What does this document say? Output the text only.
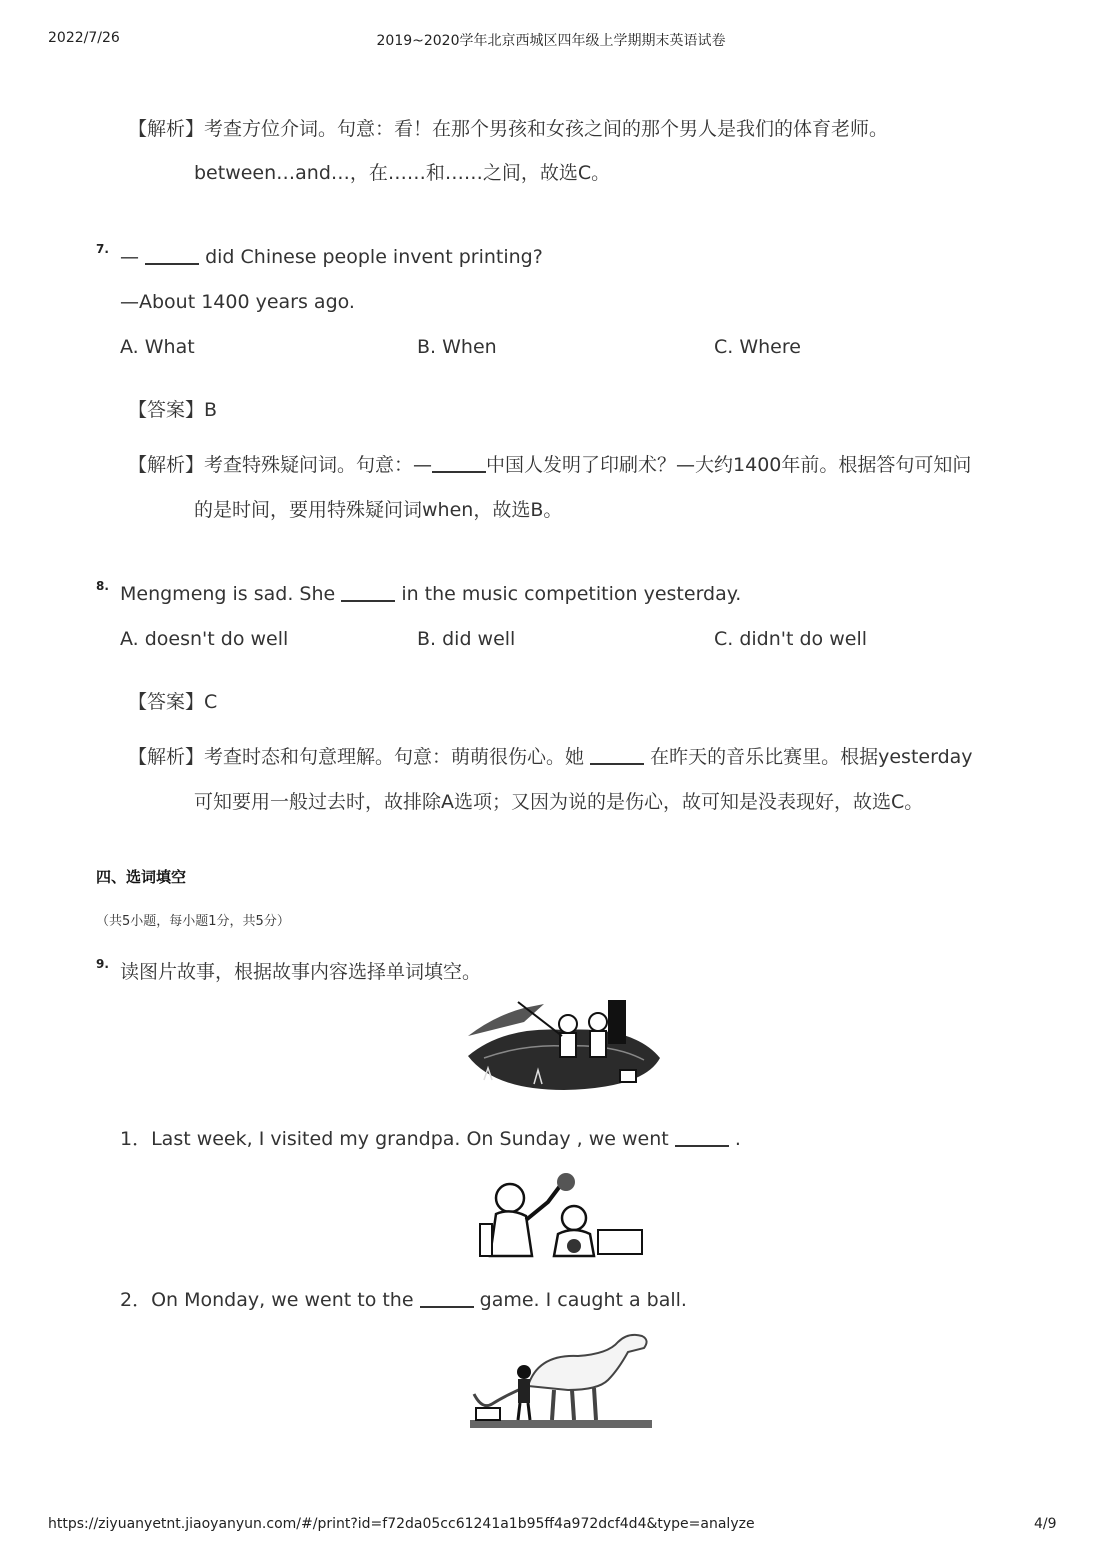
2022/7/26	2019~2020学年北京西城区四年级上学期期末英语试卷
【解析】考查方位介词。句意：看！在那个男孩和女孩之间的那个男人是我们的体育老师。
between…and…，在……和……之间，故选C。
7. —	did Chinese people invent printing?
—About 1400 years ago.
A. What	B. When	C. Where
【答案】B
【解析】考查特殊疑问词。句意：—	中国人发明了印刷术？—大约1400年前。根据答句可知问
的是时间，要用特殊疑问词when，故选B。
8. Mengmeng is sad. She	in the music competition yesterday.
A. doesn't do well	B. did well	C. didn't do well
【答案】C
【解析】考查时态和句意理解。句意：萌萌很伤心。她	在昨天的音乐比赛里。根据yesterday
可知要用一般过去时，故排除A选项；又因为说的是伤心，故可知是没表现好，故选C。
四、选词填空
（共5小题，每小题1分，共5分）
9. 读图片故事，根据故事内容选择单词填空。
1．Last week, I visited my grandpa. On Sunday , we went	.
2．On Monday, we went to the	game. I caught a ball.
https://ziyuanyetnt.jiaoyanyun.com/#/print?id=f72da05cc61241a1b95ff4a972dcf4d4&type=analyze	4/9
